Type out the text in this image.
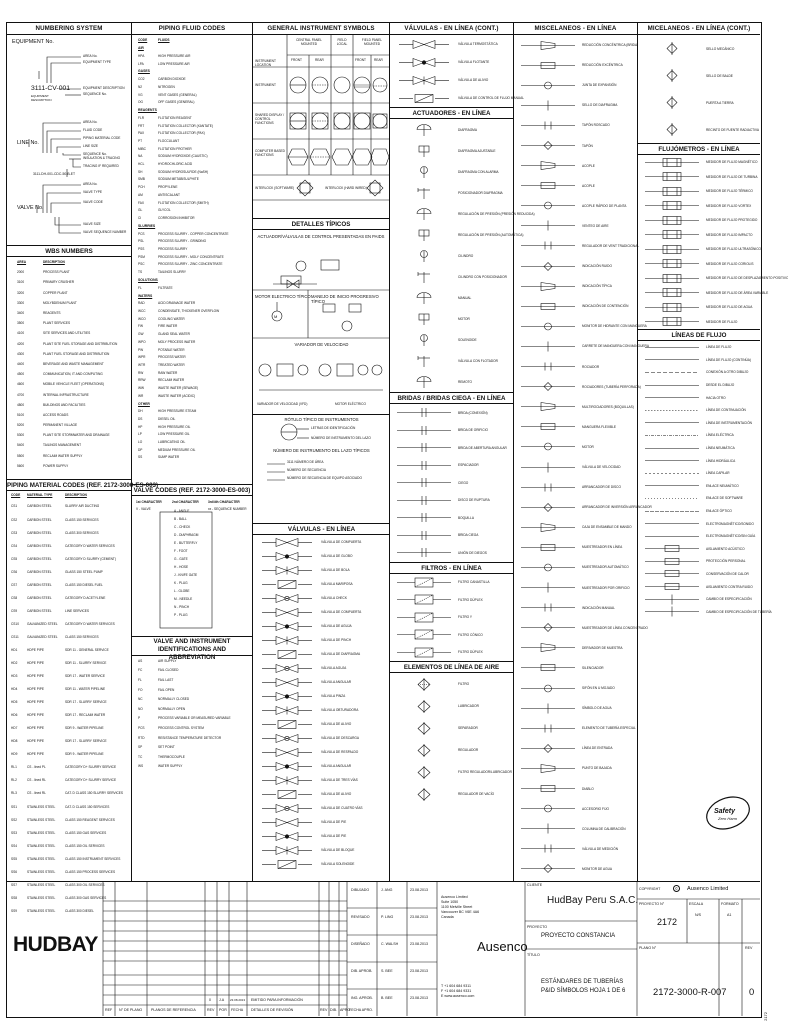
NUMBERING SYSTEM
EQUIPMENT No.
3111-CV-001
EQUIPMENT DESCRIPTION
AREA No.
EQUIPMENT TYPE
EQUIPMENT DESCRIPTION
SEQUENCE No.
LINE No.
AREA No.
FLUID CODE
PIPING MATERIAL CODE
LINE SIZE
SEQUENCE No.
INSULATION & TRACING
TRACING IF REQUIRED
3111-DH-001-CDC-50-B-ET
VALVE No.
AREA No.
VALVE TYPE
VALVE CODE
VALVE SIZE
VALVE SEQUENCE NUMBER
WBS NUMBERS
AREA	DESCRIPTION
2000	PROCESS PLANT
3100	PRIMARY CRUSHER
3200	COPPER PLANT
3300	MOLYBDENUM PLANT
3400	REAGENTS
3500	PLANT SERVICES
4100	SITE SERVICES AND UTILITIES
4200	PLANT SITE FUEL STORAGE AND DISTRIBUTION
4300	PLANT FUEL STORAGE AND DISTRIBUTION
4400	BEVERAGE AND WASTE MANAGEMENT
4500	COMMUNICATION, IT AND COMPUTING
4600	MOBILE VEHICLE FLEET (OPERATIONS)
4700	INTERNAL INFRASTRUCTURE
4800	BUILDINGS AND FACILITIES
5100	ACCESS ROADS
5200	PERMANENT VILLAGE
5300	PLANT SITE STORMWATER AND DRAINAGE
5400	TAILINGS MANAGEMENT
5500	RECLAIM WATER SUPPLY
5600	POWER SUPPLY
PIPING MATERIAL CODES (REF. 2172-3000-ES-003)
CODE	MATERIAL TYPE	DESCRIPTION
CS1	CARBON STEEL	SLURRY AIR DUCTING
CS2	CARBON STEEL	CLASS 150 SERVICES
CS3	CARBON STEEL	CLASS 300 SERVICES
CS4	CARBON STEEL	CATEGORY D WATER SERVICES
CS5	CARBON STEEL	CATEGORY D SLURRY (CEMENT)
CS6	CARBON STEEL	GLASS 150 STEEL PUMP
CS7	CARBON STEEL	CLASS 150 DIESEL FUEL
CS8	CARBON STEEL	CATEGORY D ACETYLENE
CS9	CARBON STEEL	LINE SERVICES
CS10	GALVANIZED STEEL	CATEGORY D WATER SERVICES
CS11	GALVANIZED STEEL	CLASS 150 SERVICES
HD1	HDPE PIPE	SDR 11 - GENERAL SERVICE
HD2	HDPE PIPE	SDR 11 - SLURRY SERVICE
HD3	HDPE PIPE	SDR 17 - WATER SERVICE
HD4	HDPE PIPE	SDR 11 - WATER PIPELINE
HD5	HDPE PIPE	SDR 17 - SLURRY SERVICE
HD6	HDPE PIPE	SDR 17 - RECLAIM WATER
HD7	HDPE PIPE	SDR 9 - WATER PIPELINE
HD8	HDPE PIPE	SDR 17 - SLURRY SERVICE
HD9	HDPE PIPE	SDR 9 - WATER PIPELINE
RL1	CS - lined PL	CATEGORY D+ SLURRY SERVICE
RL2	CS - lined RL	CATEGORY D+ SLURRY SERVICE
RL3	CS - lined RL	CAT. D CLASS 150 SLURRY SERVICES
SS1	STAINLESS STEEL	CAT. D CLASS 150 SERVICES
SS2	STAINLESS STEEL	CLASS 150 REAGENT SERVICES
SS3	STAINLESS STEEL	CLASS 150 GAS SERVICES
SS4	STAINLESS STEEL	CLASS 150 OIL SERVICES
SS5	STAINLESS STEEL	CLASS 150 INSTRUMENT SERVICES
SS6	STAINLESS STEEL	CLASS 150 PROCESS SERVICES
SS7	STAINLESS STEEL	CLASS 300 OIL SERVICES
SS8	STAINLESS STEEL	CLASS 300 GAS SERVICES
SS9	STAINLESS STEEL	CLASS 300 DIESEL
PIPING FLUID CODES
CODE	FLUIDS
AIR
HPA	HIGH PRESSURE AIR
LPA	LOW PRESSURE AIR
GASES
CO2	CARBON DIOXIDE
N2	NITROGEN
VG	VENT GASES (GENERAL)
OG	OFF GASES (GENERAL)
REAGENTS
FLR	FLOTATION REAGENT
FRT	FLOTATION COLLECTOR (XANTATE)
PAX	FLOTATION COLLECTOR (PAX)
PT	FLOCCULANT
MIBC	FLOTATION FROTHER
NA	SODIUM HYDROXIDE (CAUSTIC)
HCL	HYDROCHLORIC ACID
SH	SODIUM HYDROSULFIDE (NaSH)
SMB	SODIUM METABISULPHITE
PCH	PROPYLENE
AM	ANTISCALANT
FAX	FLOTATION COLLECTOR (SMITH)
GL	GLYCOL
CI	CORROSION INHIBITOR
SLURRIES
PCS	PROCESS SLURRY - COPPER CONCENTRATE
PSL	PROCESS SLURRY - GRINDING
PSS	PROCESS SLURRY
PSM	PROCESS SLURRY - MOLY CONCENTRATE
PSC	PROCESS SLURRY - ZINC CONCENTRATE
TS	TAILINGS SLURRY
SOLUTIONS
FL	FILTRATE
WATERS
RAD	ACID DRAINAGE WATER
WCC	CONDENSATE, THICKENER OVERFLOW
WCO	COOLING WATER
FW	FIRE WATER
GW	GLAND SEAL WATER
WPO	MOLY PROCESS WATER
PW	POTABLE WATER
WPR	PROCESS WATER
WTR	TREATED WATER
RW	RAW WATER
RRW	RECLAIM WATER
WW	WASTE WATER (SEWAGE)
WR	WASTE WATER (ACIDIC)
OTHER
DH	HIGH PRESSURE STEAM
DS	DIESEL OIL
HP	HIGH PRESSURE OIL
LP	LOW PRESSURE OIL
LO	LUBRICATING OIL
DP	MEDIUM PRESSURE OIL
SS	SUMP WATER
VALVE CODES (REF. 2172-3000-ES-003)
1st CHARACTER	2nd CHARACTER	3rd/4th CHARACTER
V - VALVE	A - ANGLE
B - BALL
C - CHECK
D - DIAPHRAGM
E - BUTTERFLY
F - FOOT
G - GATE
H - HOSE
J - KNIFE GATE
K - PLUG
L - GLOBE
M - NEEDLE
N - PINCH
P - PLUG
xx - SEQUENCE NUMBER
VALVE AND INSTRUMENT IDENTIFICATIONS AND ABBREVIATION
AS	AIR SUPPLY
FC	FAIL CLOSED
FL	FAIL LAST
FO	FAIL OPEN
NC	NORMALLY CLOSED
NO	NORMALLY OPEN
P	PROCESS VARIABLE OR MEASURED VARIABLE
PCS	PROCESS CONTROL SYSTEM
RTD	RESISTANCE TEMPERATURE DETECTOR
SP	SET POINT
TC	THERMOCOUPLE
WS	WATER SUPPLY
GENERAL INSTRUMENT SYMBOLS
INSTRUMENT LOCATION
CENTRAL PANEL MOUNTED
FIELD LOCAL
FIELD PANEL MOUNTED
FRONT	REAR	FRONT	REAR
INSTRUMENT
SHARED DISPLAY / CONTROL FUNCTIONS
COMPUTER BASED FUNCTIONS
INTERLOCK (SOFTWARE)	INTERLOCK (HARD WIRED)
DETALLES TÍPICOS
ACTUADOR/VÁLVULAS DE CONTROL PRESENTADAS EN PAIDS
MOTOR ELECTRICO TÍPICO MANEJO DE INICIO PROGRESIVO TÍPICO
VARIADOR DE VELOCIDAD
VARIADOR DE VELOCIDAD (VFD)	MOTOR ELÉCTRICO
RÓTULO TÍPICO DE INSTRUMENTOS
LETRAS DE IDENTIFICACIÓN
NÚMERO DE INSTRUMENTO DEL LAZO
NÚMERO DE INSTRUMENTO DEL LAZO TÍPICOS
3111 NÚMERO DE ÁREA
NÚMERO DE SECUENCIA
NÚMERO DE SECUENCIA DE EQUIPO ASOCIADO
M
VÁLVULAS - EN LÍNEA
VÁLVULA DE COMPUERTA
VÁLVULA DE GLOBO
VÁLVULA DE BOLA
VÁLVULA MARIPOSA
VÁLVULA CHECK
VÁLVULA DE COMPUERTA
VÁLVULA DE AGUJA
VÁLVULA DE PINCH
VÁLVULA DE DIAFRAGMA
VÁLVULA AGUJA
VÁLVULA ANGULAR
VÁLVULA PINZA
VÁLVULA OBTURADORA
VÁLVULA DE ALIVIO
VÁLVULA DE DESCARGA
VÁLVULA DE RESPALDO
VÁLVULA ANGULAR
VÁLVULA DE TRES VÍAS
VÁLVULA DE ALIVIO
VÁLVULA DE CUATRO VÍAS
VÁLVULA DE PIE
VÁLVULA DE PIE
VÁLVULA DE BLOQUE
VÁLVULA SOLENOIDE
VÁLVULAS - EN LÍNEA (CONT.)
VÁLVULA TERMOSTÁTICA
VÁLVULA FLOTANTE
VÁLVULA DE ALIVIO
VÁLVULA DE CONTROL DE FLUJO MANUAL
ACTUADORES - EN LÍNEA
DIAFRAGMA
DIAFRAGMA AJUSTABLE
DIAFRAGMA CON ALARMA
POSICIONADOR DIAFRAGMA
REGULACIÓN DE PRESIÓN (PRESIÓN REDUCIDA)
REGULACIÓN DE PRESIÓN (AUTOMÁTICA)
CILINDRO
CILINDRO CON POSICIONADOR
MANUAL
MOTOR
SOLENOIDE
VÁLVULA CON FLOTADOR
REMOTO
BRIDAS / BRIDAS CIEGA - EN LÍNEA
BRIDA (CONEXIÓN)
BRIDA DE ORIFICIO
BRIDA DE ABERTURA ANGULAR
ESPACIADOR
CIEGO
DISCO DE RUPTURA
BOQUILLA
BRIDA CIEGA
UNIÓN DE DIEGOS
FILTROS - EN LÍNEA
FILTRO CANASTILLA
FILTRO DÚPLEX
FILTRO Y
FILTRO CÓNICO
FILTRO DÚPLEX
ELEMENTOS DE LÍNEA DE AIRE
FILTRO
LUBRICADOR
SEPARADOR
REGULADOR
FILTRO REGULADOR/LUBRICADOR
REGULADOR DE VACÍO
MISCELANEOS - EN LÍNEA
REDUCCIÓN CONCÉNTRICA (BRIDA)
REDUCCIÓN EXCÉNTRICA
JUNTA DE EXPANSIÓN
SELLO DE DIAFRAGMA
TAPÓN ROSCADO
TAPÓN
ACOPLE
ACOPLE
ACOPLE RÁPIDO DE PLANTA
VENTEO DE AIRE
REGULADOR DE VENT TRADICIONAL
INDICACIÓN RUIDO
INDICACIÓN TÍPICA
INDICACIÓN DE CONTENCIÓN
MONITOR DE HIDRANTE CON MANGUERA
CARRETE DE MANGUERA CON MANGUERA
ROCIADOR
ROCIADORES (TUBERÍA PERFORADA)
MULTIROCIADORES (BOQUILLAS)
MANGUERA FLEXIBLE
MOTOR
VÁLVULA DE VELOCIDAD
ARRANCADOR DE DISCO
ARRANCADOR DE INVERSIÓN ARRANCADOR
CAJA DE ENSAMBLE DE MANDO
MUESTREADOR EN LÍNEA
MUESTREADOR AUTOMÁTICO
MUESTREADOR POR ORIFICIO
INDICACIÓN MANUAL
MUESTREADOR DE LÍNEA CONCENTRADO
DERIVADOR DE MUESTRA
SILENCIADOR
SIFÓN EN U MOJADO
SÍMBOLO DE AGUA
ELEMENTO DE TUBERÍA ESPECIAL
LÍNEA DE ENTRADA
PUNTO DE BAJADA
DIABLO
ACCESORIO FIJO
COLUMNA DE CALIBRACIÓN
VÁLVULA DE MEDICIÓN
MONITOR DE AGUA
MICELANEOS - EN LÍNEA (CONT.)
SELLO MECÁNICO
SELLO DE BALDE
PUERTA A TIERRA
RECINTO DE FUENTE RADIACTIVA
FLUJÓMETROS - EN LÍNEA
MEDIDOR DE FLUJO MAGNÉTICO
MEDIDOR DE FLUJO DE TURBINA
MEDIDOR DE FLUJO TÉRMICO
MEDIDOR DE FLUJO VORTEX
MEDIDOR DE FLUJO PROTEGIDO
MEDIDOR DE FLUJO IMPACTO
MEDIDOR DE FLUJO ULTRASÓNICO
MEDIDOR DE FLUJO CORIOLIS
MEDIDOR DE FLUJO DE DESPLAZAMIENTO POSITIVO
MEDIDOR DE FLUJO DE ÁREA VARIABLE
MEDIDOR DE FLUJO DE AGUA
MEDIDOR DE FLUJO
LÍNEAS DE FLUJO
LÍNEA DE FLUJO
LÍNEA DE FLUJO (CONTINÚA)
CONEXIÓN A OTRO DIBUJO
DESDE EL DIBUJO
HACIA OTRO
LÍNEA DE CONTINUACIÓN
LÍNEA DE INSTRUMENTACIÓN
LÍNEA ELÉCTRICA
LÍNEA NEUMÁTICA
LÍNEA HIDRÁULICA
LÍNEA CAPILAR
ENLACE NEUMÁTICO
ENLACE DE SOFTWARE
ENLACE ÓPTICO
ELECTROMAGNÉTICO/SONIDO
ELECTROMAGNÉTICO/SIN GUÍA
AISLAMIENTO ACÚSTICO
PROTECCIÓN PERSONAL
CONSERVACIÓN DE CALOR
AISLAMIENTO CONTRA RUIDO
CAMBIO DE ESPECIFICACIÓN
CAMBIO DE ESPECIFICACIÓN DE TUBERÍA
Safety
Zero Harm
HUDBAY
DIBUJADO	J. ANG	23.08.2013
REVISADO	P. LING	23.08.2013
DISEÑADO	C. WALSH	23.08.2013
DIB. APROB. S. BEE	23.08.2013
ING. APROB. B. BEE	23.08.2013
REF N° DE PLANO PLANOS DE REFERENCIA	REV POR FECHA DETALLES DE REVISIÓN	REV DIB. APRO.
FECHA APRO.
0 J.A 23.08.2013 EMITIDO PARA INFORMACIÓN
Ausenco Limited
Suite 1050
1100 Melville Street
Vancouver BC V6E 4A6
Canada
T +1 604 684 9311
F +1 604 684 9331
E www.ausenco.com
Ausenco
CLIENTE
HudBay Peru S.A.C.
PROYECTO
PROYECTO CONSTANCIA
TÍTULO
ESTÁNDARES DE TUBERÍAS
P&ID SÍMBOLOS HOJA 1 DE 6
COPYRIGHT	Ausenco Limited
©
PROYECTO N°
2172
ESCALA
N/S
FORMATO
A1
PLANO N°
2172-3000-R-007
REV
0
2172
